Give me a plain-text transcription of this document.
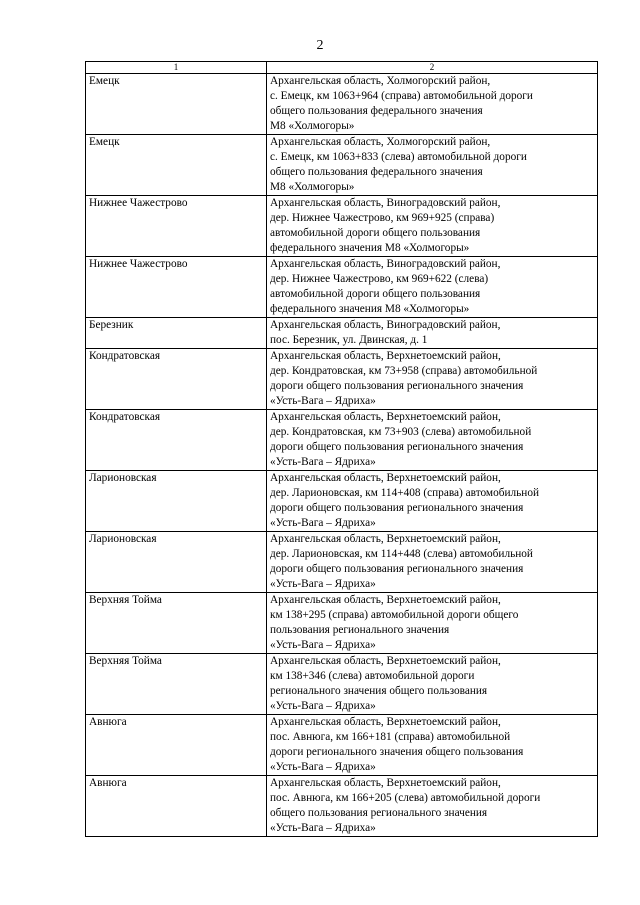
2
1	2
Емецк	Архангельская область, Холмогорский район,
с. Емецк, км 1063+964 (справа) автомобильной дороги
общего пользования федерального значения
М8 «Холмогоры»

Емецк	Архангельская область, Холмогорский район,
с. Емецк, км 1063+833 (слева) автомобильной дороги
общего пользования федерального значения
М8 «Холмогоры»

Нижнее Чажестрово	Архангельская область, Виноградовский район,
дер. Нижнее Чажестрово, км 969+925 (справа)
автомобильной дороги общего пользования
федерального значения М8 «Холмогоры»

Нижнее Чажестрово	Архангельская область, Виноградовский район,
дер. Нижнее Чажестрово, км 969+622 (слева)
автомобильной дороги общего пользования
федерального значения М8 «Холмогоры»

Березник	Архангельская область, Виноградовский район,
пос. Березник, ул. Двинская, д. 1

Кондратовская	Архангельская область, Верхнетоемский район,
дер. Кондратовская, км 73+958 (справа) автомобильной
дороги общего пользования регионального значения
«Усть-Вага – Ядриха»

Кондратовская	Архангельская область, Верхнетоемский район,
дер. Кондратовская, км 73+903 (слева) автомобильной
дороги общего пользования регионального значения
«Усть-Вага – Ядриха»

Ларионовская	Архангельская область, Верхнетоемский район,
дер. Ларионовская, км 114+408 (справа) автомобильной
дороги общего пользования регионального значения
«Усть-Вага – Ядриха»

Ларионовская	Архангельская область, Верхнетоемский район,
дер. Ларионовская, км 114+448 (слева) автомобильной
дороги общего пользования регионального значения
«Усть-Вага – Ядриха»

Верхняя Тойма	Архангельская область, Верхнетоемский район,
км 138+295 (справа) автомобильной дороги общего
пользования регионального значения
«Усть-Вага – Ядриха»

Верхняя Тойма	Архангельская область, Верхнетоемский район,
км 138+346 (слева) автомобильной дороги
регионального значения общего пользования
«Усть-Вага – Ядриха»

Авнюга	Архангельская область, Верхнетоемский район,
пос. Авнюга, км 166+181 (справа) автомобильной
дороги регионального значения общего пользования
«Усть-Вага – Ядриха»

Авнюга	Архангельская область, Верхнетоемский район,
пос. Авнюга, км 166+205 (слева) автомобильной дороги
общего пользования регионального значения
«Усть-Вага – Ядриха»
